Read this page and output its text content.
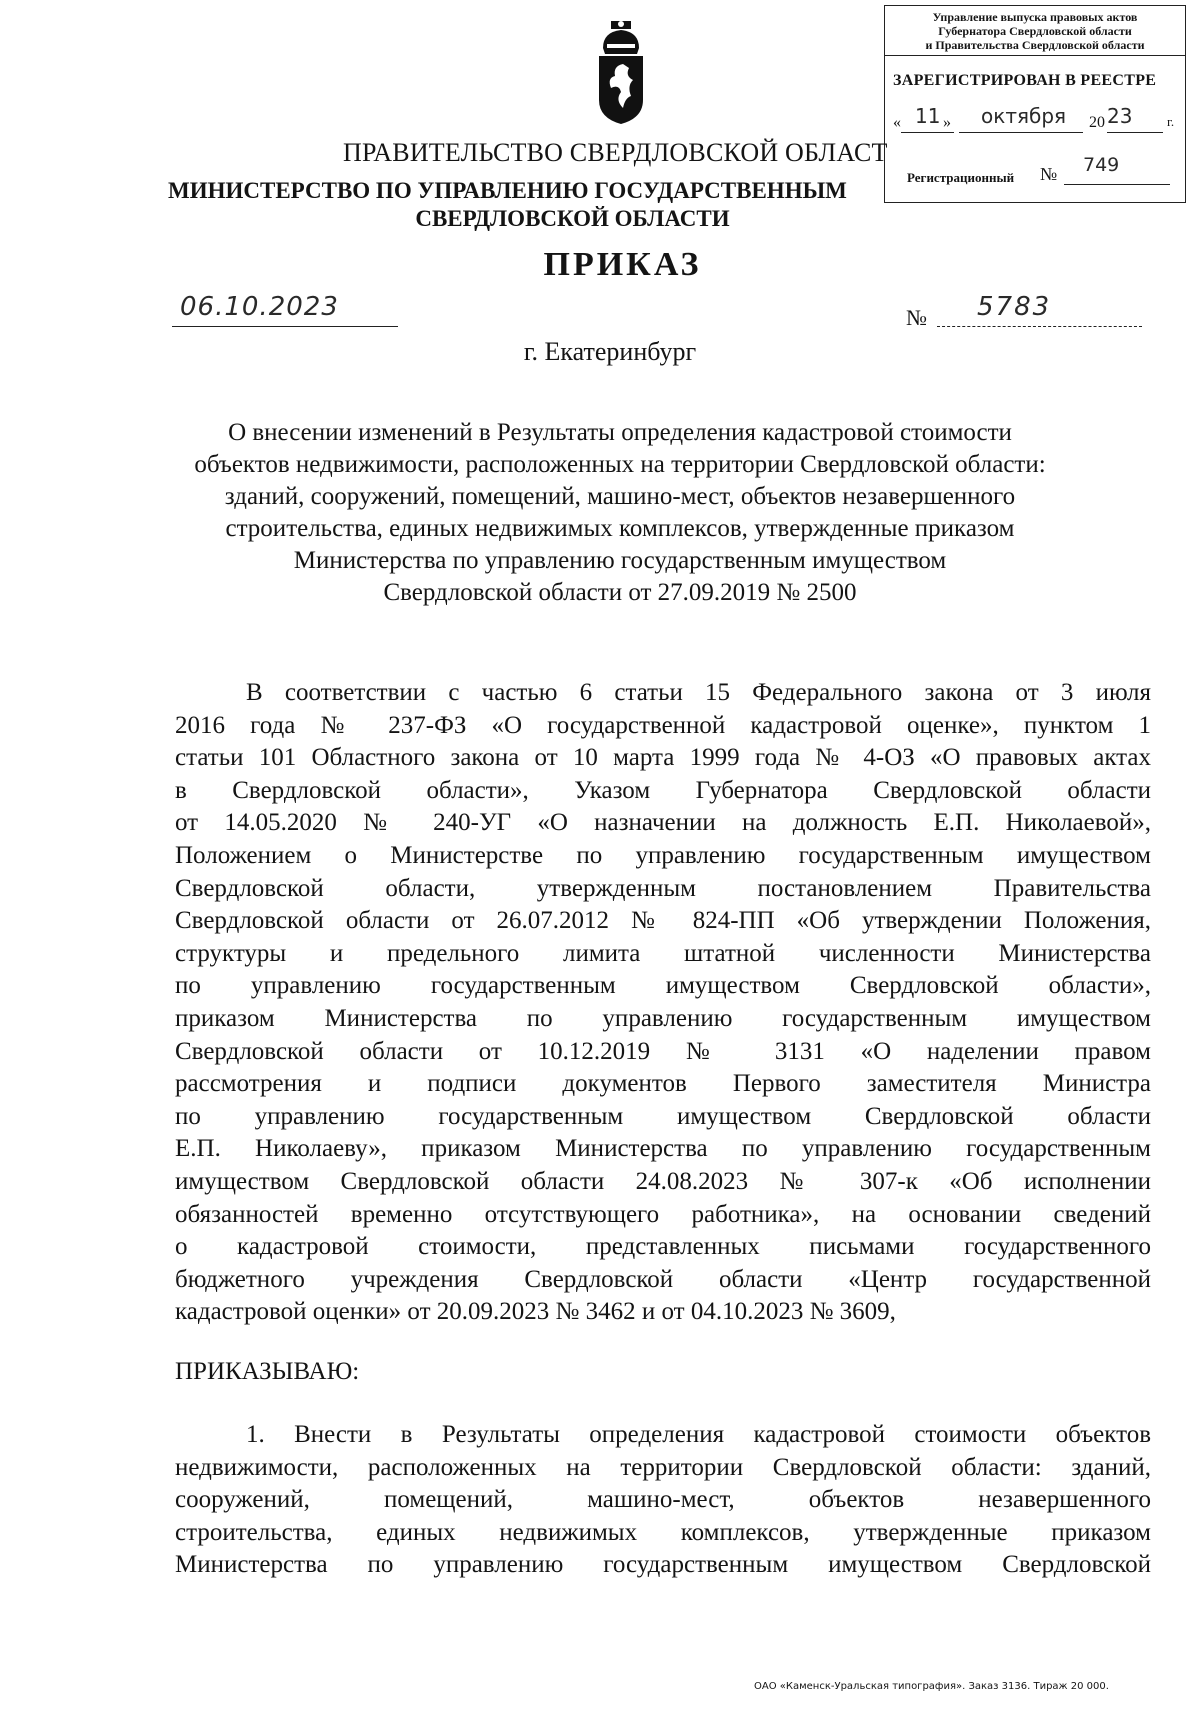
Управление выпуска правовых актов
Губернатора Свердловской области
и Правительства Свердловской области
ЗАРЕГИСТРИРОВАН В РЕЕСТРЕ
« 11 » октября 20 23	г.
Регистрационный № 749
ПРАВИТЕЛЬСТВО СВЕРДЛОВСКОЙ ОБЛАСТ
МИНИСТЕРСТВО ПО УПРАВЛЕНИЮ ГОСУДАРСТВЕННЫМ
СВЕРДЛОВСКОЙ ОБЛАСТИ
ПРИКАЗ
06.10.2023	№ 5783
г. Екатеринбург
О внесении изменений в Результаты определения кадастровой стоимости
объектов недвижимости, расположенных на территории Свердловской области:
зданий, сооружений, помещений, машино-мест, объектов незавершенного
строительства, единых недвижимых комплексов, утвержденные приказом
Министерства по управлению государственным имуществом
Свердловской области от 27.09.2019 № 2500
В соответствии с частью 6 статьи 15 Федерального закона от 3 июля
2016 года № 237-ФЗ «О государственной кадастровой оценке», пунктом 1
статьи 101 Областного закона от 10 марта 1999 года № 4-ОЗ «О правовых актах
в Свердловской области», Указом Губернатора Свердловской области
от 14.05.2020 № 240-УГ «О назначении на должность Е.П. Николаевой»,
Положением о Министерстве по управлению государственным имуществом
Свердловской области, утвержденным постановлением Правительства
Свердловской области от 26.07.2012 № 824-ПП «Об утверждении Положения,
структуры и предельного лимита штатной численности Министерства
по управлению государственным имуществом Свердловской области»,
приказом Министерства по управлению государственным имуществом
Свердловской области от 10.12.2019 № 3131 «О наделении правом
рассмотрения и подписи документов Первого заместителя Министра
по управлению государственным имуществом Свердловской области
Е.П. Николаеву», приказом Министерства по управлению государственным
имуществом Свердловской области 24.08.2023 № 307-к «Об исполнении
обязанностей временно отсутствующего работника», на основании сведений
о кадастровой стоимости, представленных письмами государственного
бюджетного учреждения Свердловской области «Центр государственной
кадастровой оценки» от 20.09.2023 № 3462 и от 04.10.2023 № 3609,
ПРИКАЗЫВАЮ:
1. Внести в Результаты определения кадастровой стоимости объектов
недвижимости, расположенных на территории Свердловской области: зданий,
сооружений, помещений, машино-мест, объектов незавершенного
строительства, единых недвижимых комплексов, утвержденные приказом
Министерства по управлению государственным имуществом Свердловской
ОАО «Каменск-Уральская типография». Заказ 3136. Тираж 20 000.
